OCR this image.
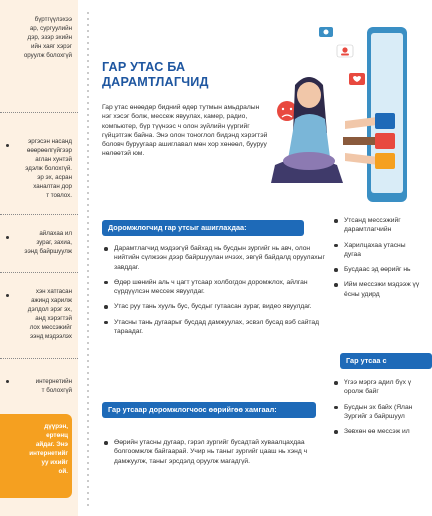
дүүрэн,
ертөнц
айдаг. Энэ
интернетийг
уу ихийг
ой.
бүртгүүлэхээ
ар, сургуулийн
дэр, эзэр эхийн
ийн хаяг хэрэг
оруулж болохгүй
эргэсэн насанд
өөөрөөлгүйгээр
аглан хунтэй
эдэлж болохгүй.
эр эх, асран
ханалтан дор
т товлох.
айлахаа ил
зураг, захиа,
ээнд байршуулж
хэн хатгасан
ажинд харилж
дэлдол эрэг эх,
анд хэрэгтэй
лох мессэжийг
ээнд мэдээлэх
интернетийн
т болохгүй
ГАР УТАС БА
ДАРАМТЛАГЧИД
Гар утас өнөөдөр бидний өдөр тутмын амьдралын нэг хэсэг болж, мессеж явуулах, камер, радио, компьютер, бүр түүнээс ч олон зүйлийн үүргийг гүйцэтгэж байна. Энэ олон тоноглол бидэнд хэрэгтэй боловч буруугаар ашиглавал мөн хор хөнөөл, бууруу нөлөөтэй юм.
Доромжлогчид гар утсыг ашиглахдаа:
Дарамтлагчид мэдээгүй байхад нь бусдын зургийг нь авч, олон нийтийн сүлжээн дээр байршуулан ичээх, эвгүй байдалд оруулахыг завддаг.
Өдөр шөнийн аль ч цагт утсаар холбогдон доромжлох, айлган сүрдүүлсэн мессеж явуулдаг.
Утас руу тань хууль бус, бусдыг гутаасан зураг, видео явуулдаг.
Утасны тань дугаарыг бусдад дамжуулах, эсвэл бусад вэб сайтад тараадаг.
Гар утсаар доромжлогчоос өөрийгөө хамгаал:
Өөрийн утасны дугаар, гэрэл зургийг бусадтай хуваалцахдаа болгоомжлж байгаарай. Учир нь таныг зургийг цааш нь хэнд ч дамжуулж, таныг эрсдэлд оруулж магадгүй.
Утсанд мессэжийг дарамтлагчийн
Харилцахаа утасны дугаа
Бусдаас эд өөрийг нь
Ийм мессэжи мэдээж үү ёсны удирд
Гар утсаа с
Үгээ мэргэ адил бүх ү оролж байг
Бусдын эх байх (Ялан Зургийг з байршуул
Зөвхөн өө мессэж ил
